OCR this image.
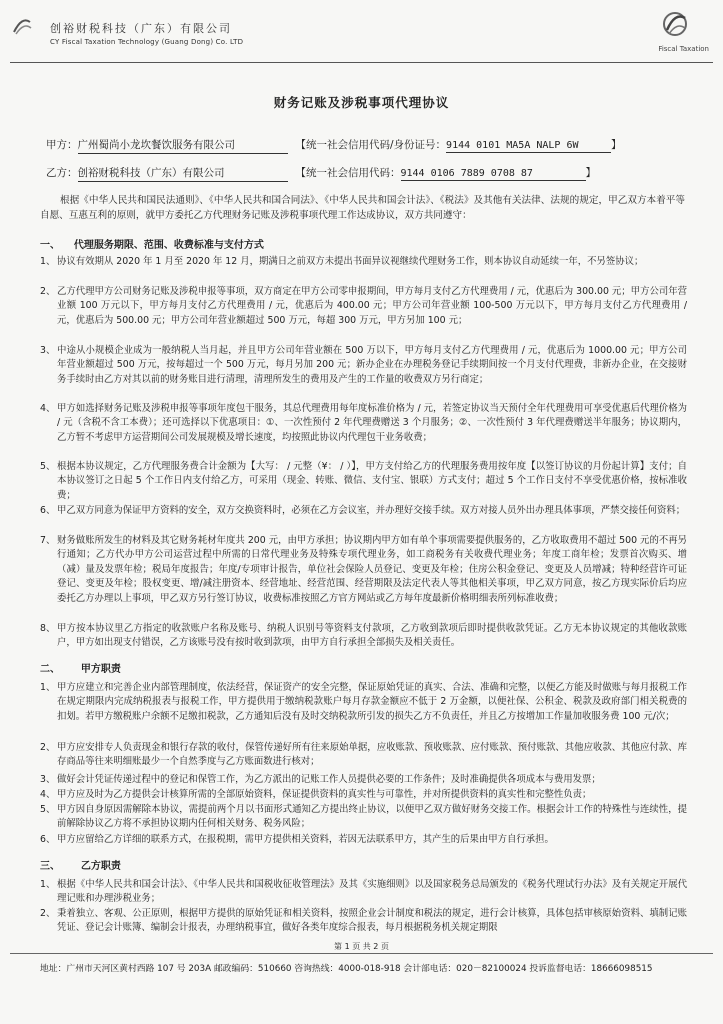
创裕财税科技（广东）有限公司
CY Fiscal Taxation Technology (Guang Dong) Co. LTD
Fiscal Taxation
财务记账及涉税事项代理协议
甲方：广州蜀尚小龙坎餐饮服务有限公司	【统一社会信用代码/身份证号：9144 0101 MA5A NALP 6W	】
乙方：创裕财税科技（广东）有限公司	【统一社会信用代码：9144 0106 7889 0708 87	】
根据《中华人民共和国民法通则》、《中华人民共和国合同法》、《中华人民共和国会计法》、《税法》及其他有关法律、法规的规定，甲乙双方本着平等自愿、互惠互利的原则，就甲方委托乙方代理财务记账及涉税事项代理工作达成协议，双方共同遵守：
一、    代理服务期限、范围、收费标准与支付方式
1、 协议有效期从 2020 年 1 月至 2020 年 12 月，期满日之前双方未提出书面异议视继续代理财务工作，则本协议自动延续一年，不另签协议；
2、 乙方代理甲方公司财务记账及涉税申报等事项，双方商定在甲方公司零申报期间，甲方每月支付乙方代理费用 / 元，优惠后为 300.00 元；甲方公司年营业额 100 万元以下，甲方每月支付乙方代理费用 / 元，优惠后为 400.00 元；甲方公司年营业额 100-500 万元以下，甲方每月支付乙方代理费用 / 元，优惠后为 500.00 元；甲方公司年营业额超过 500 万元，每超 300 万元，甲方另加 100 元；
3、 中途从小规模企业成为一般纳税人当月起，并且甲方公司年营业额在 500 万以下，甲方每月支付乙方代理费用 / 元，优惠后为 1000.00 元；甲方公司年营业额超过 500 万元，按每超过一个 500 万元，每月另加 200 元；新办企业在办理税务登记手续期间按一个月支付代理费，非新办企业，在交接财务手续时由乙方对其以前的财务账目进行清理，清理所发生的费用及产生的工作量的收费双方另行商定；
4、 甲方如选择财务记账及涉税申报等事项年度包干服务，其总代理费用每年度标准价格为 / 元，若签定协议当天预付全年代理费用可享受优惠后代理价格为 / 元（含税不含工本费）；还可选择以下优惠项目：①、一次性预付 2 年代理费赠送 3 个月服务；②、一次性预付 3 年代理费赠送半年服务；协议期内，乙方暂不考虑甲方运营期间公司发展规模及增长速度，均按照此协议内代理包干业务收费；
5、 根据本协议规定，乙方代理服务费合计金额为【大写： / 元整（¥： / ）】，甲方支付给乙方的代理服务费用按年度【以签订协议的月份起计算】支付；自本协议签订之日起 5 个工作日内支付给乙方，可采用（现金、转账、微信、支付宝、银联）方式支付；超过 5 个工作日支付不享受优惠价格，按标准收费；
6、 甲乙双方同意为保证甲方资料的安全，双方交换资料时，必须在乙方会议室，并办理好交接手续。双方对接人员外出办理具体事项，严禁交接任何资料；
7、 财务做账所发生的材料及其它财务耗材年度共 200 元，由甲方承担；协议期内甲方如有单个事项需要提供服务的，乙方收取费用不超过 500 元的不再另行通知；乙方代办甲方公司运营过程中所需的日常代理业务及特殊专项代理业务，如工商税务有关收费代理业务；年度工商年检；发票首次购买、增（减）量及发票年检；税局年度报告；年度/专项审计报告，单位社会保险人员登记、变更及年检；住房公积金登记、变更及人员增减；特种经营许可证登记、变更及年检；股权变更、增/减注册资本、经营地址、经营范围、经营期限及法定代表人等其他相关事项，甲乙双方同意，按乙方现实际价后均应委托乙方办理以上事项，甲乙双方另行签订协议，收费标准按照乙方官方网站或乙方每年度最新价格明细表所列标准收费；
8、 甲方按本协议里乙方指定的收款账户名称及账号、纳税人识别号等资料支付款项，乙方收到款项后即时提供收款凭证。乙方无本协议规定的其他收款账户，甲方如出现支付错误，乙方该账号没有按时收到款项，由甲方自行承担全部损失及相关责任。
二、      甲方职责
1、 甲方应建立和完善企业内部管理制度，依法经营，保证资产的安全完整，保证原始凭证的真实、合法、准确和完整，以便乙方能及时做账与每月报税工作在规定期限内完成纳税报表与报税工作，甲方提供用于缴纳税款账户每月存款金额应不低于 2 万金额，以便社保、公积金、税款及政府部门相关税费的扣划。若甲方缴税账户余额不足缴扣税款，乙方通知后没有及时交纳税款所引发的损失乙方不负责任，并且乙方按增加工作量加收服务费 100 元/次；
2、 甲方应安排专人负责现金和银行存款的收付，保管传递好所有往来原始单据，应收账款、预收账款、应付账款、预付账款、其他应收款、其他应付款、库存商品等往来明细账最少一个自然季度与乙方账面数进行核对；
3、 做好会计凭证传递过程中的登记和保管工作，为乙方派出的记账工作人员提供必要的工作条件；及时准确提供各项成本与费用发票；
4、 甲方应及时为乙方提供会计核算所需的全部原始资料，保证提供资料的真实性与可靠性，并对所提供资料的真实性和完整性负责；
5、 甲方因自身原因需解除本协议，需提前两个月以书面形式通知乙方提出终止协议，以便甲乙双方做好财务交接工作。根据会计工作的特殊性与连续性，提前解除协议乙方将不承担协议期内任何相关财务、税务风险；
6、 甲方应留给乙方详细的联系方式，在报税期，需甲方提供相关资料，若因无法联系甲方，其产生的后果由甲方自行承担。
三、      乙方职责
1、 根据《中华人民共和国会计法》、《中华人民共和国税收征收管理法》及其《实施细则》以及国家税务总局颁发的《税务代理试行办法》及有关规定开展代理记账和办理涉税业务；
2、 秉着独立、客观、公正原则，根据甲方提供的原始凭证和相关资料，按照企业会计制度和税法的规定，进行会计核算，具体包括审核原始资料、填制记账凭证、登记会计账簿、编制会计报表，办理纳税事宜，做好各类年度综合报表，每月根据税务机关规定期限
第 1 页 共 2 页
地址：广州市天河区黄村西路 107 号 203A 邮政编码：510660 咨询热线：4000-018-918 会计部电话：020－82100024 投诉监督电话：18666098515
